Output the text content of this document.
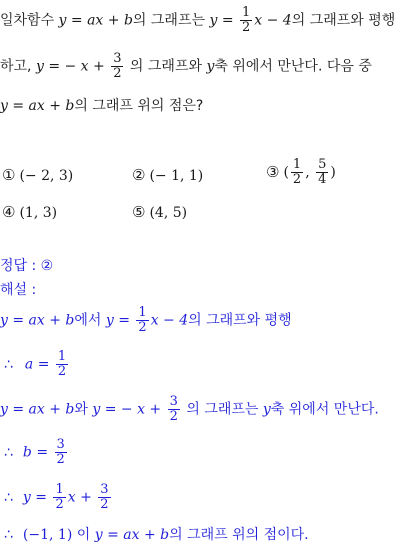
일차함수 y = ax + b의 그래프는 $y = \frac{1}{2}$ x − 4의 그래프와 평행
하고, y = − $x + \frac{3}{2}$ 의 그래프와 y축 위에서 만난다. 다음 중
y = ax + b의 그래프 위의 점은?
① (− 2, 3)	② (− 1, 1)	③ ( $\frac{1}{2}$ , $\frac{5}{4}$ )
④ (1, 3)	⑤ (4, 5)
정답 : ②
해설 :
y = ax + b에서 $y = \frac{1}{2}$ x − 4의 그래프와 평행
∴ $a = \frac{1}{2}$
y = ax + b와 y = − $x + \frac{3}{2}$ 의 그래프는 y축 위에서 만난다.
∴ $b = \frac{3}{2}$
∴ $y = \frac{1}{2}$ $x + \frac{3}{2}$
∴ (−1, 1) 이 y = ax + b의 그래프 위의 점이다.
